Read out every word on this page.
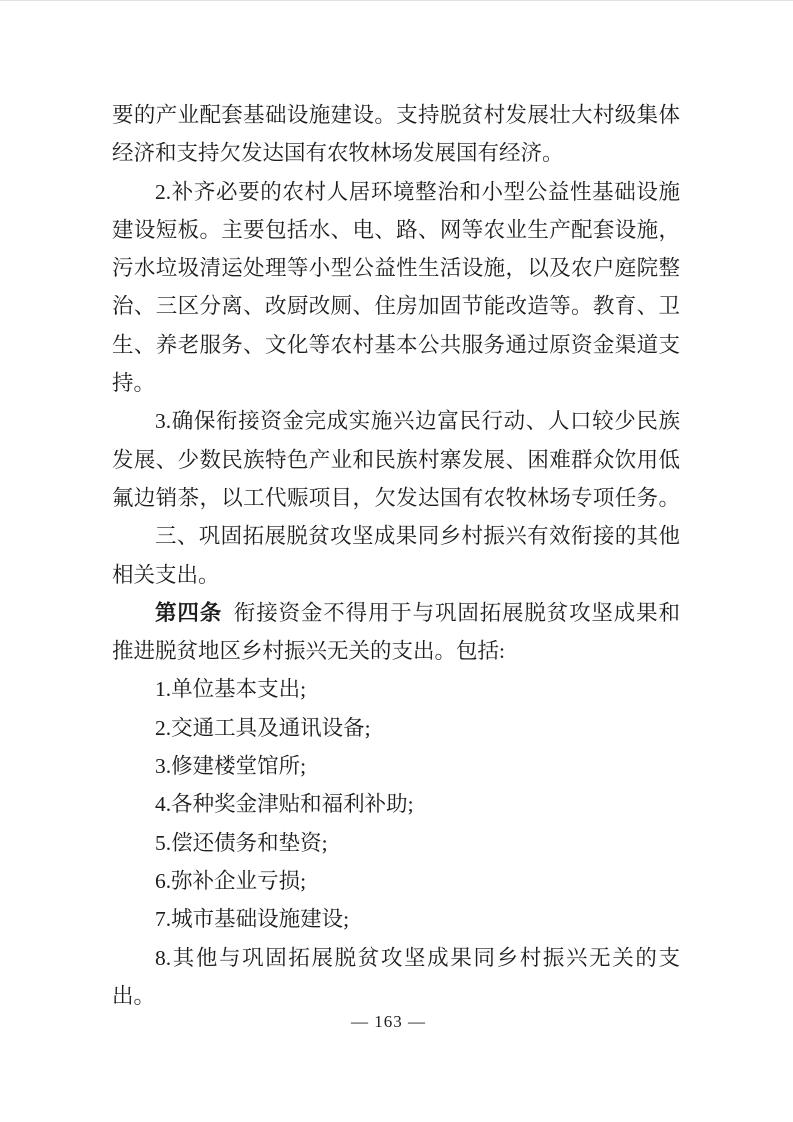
要的产业配套基础设施建设。支持脱贫村发展壮大村级集体
经济和支持欠发达国有农牧林场发展国有经济。
2.补齐必要的农村人居环境整治和小型公益性基础设施
建设短板。主要包括水、电、路、网等农业生产配套设施，
污水垃圾清运处理等小型公益性生活设施，以及农户庭院整
治、三区分离、改厨改厕、住房加固节能改造等。教育、卫
生、养老服务、文化等农村基本公共服务通过原资金渠道支
持。
3.确保衔接资金完成实施兴边富民行动、人口较少民族
发展、少数民族特色产业和民族村寨发展、困难群众饮用低
氟边销茶，以工代赈项目，欠发达国有农牧林场专项任务。
三、巩固拓展脱贫攻坚成果同乡村振兴有效衔接的其他
相关支出。
第四条 衔接资金不得用于与巩固拓展脱贫攻坚成果和
推进脱贫地区乡村振兴无关的支出。包括:
1.单位基本支出;
2.交通工具及通讯设备;
3.修建楼堂馆所;
4.各种奖金津贴和福利补助;
5.偿还债务和垫资;
6.弥补企业亏损;
7.城市基础设施建设;
8.其他与巩固拓展脱贫攻坚成果同乡村振兴无关的支
出。
— 163 —
